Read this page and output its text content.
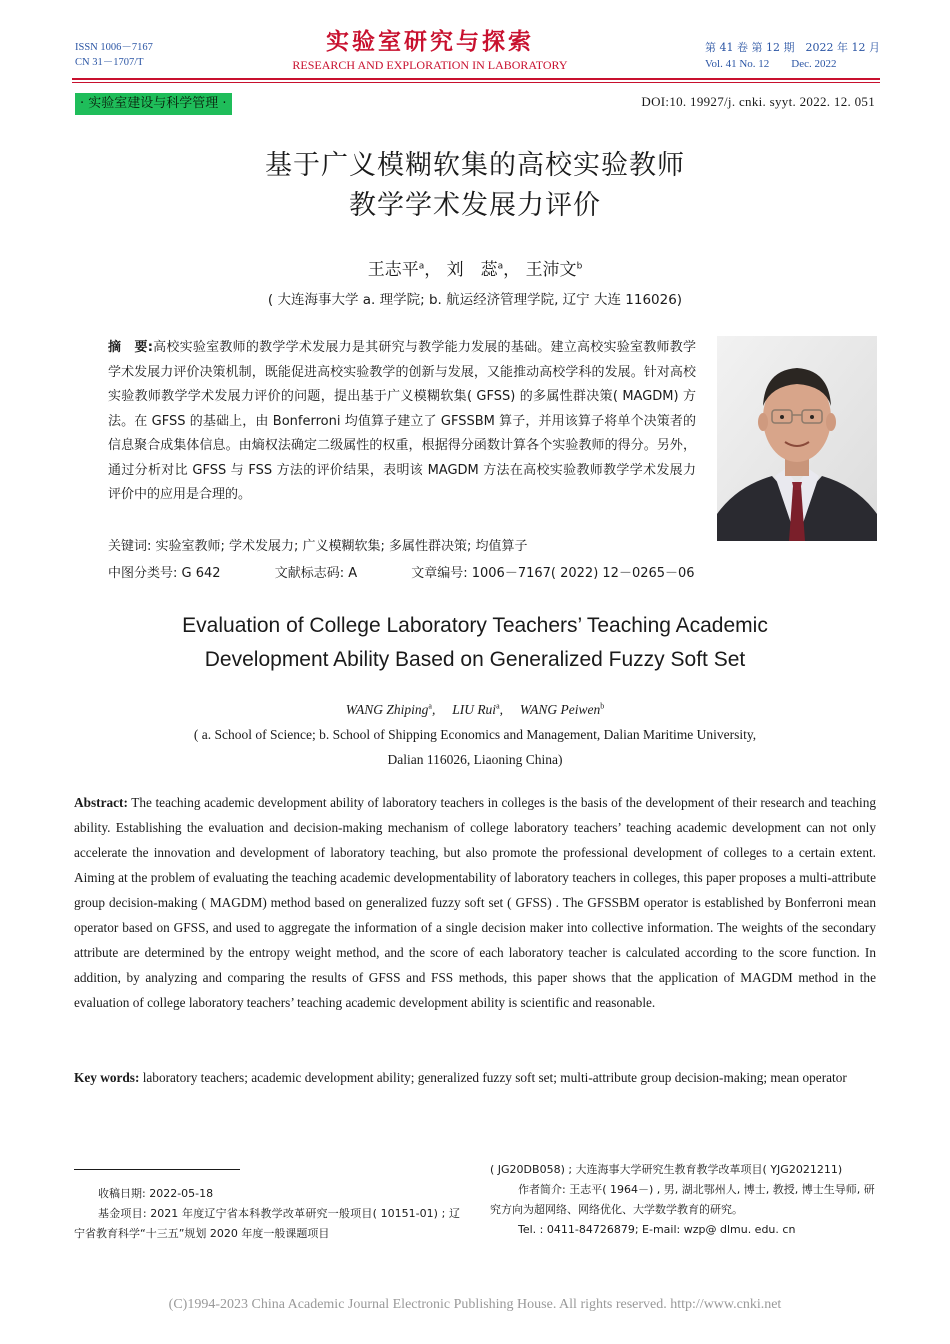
ISSN 1006－7167
CN 31－1707/T
实验室研究与探索
RESEARCH AND EXPLORATION IN LABORATORY
第 41 卷 第 12 期　2022 年 12 月
Vol. 41 No. 12　　Dec. 2022
· 实验室建设与科学管理 ·	DOI:10. 19927/j. cnki. syyt. 2022. 12. 051
基于广义模糊软集的高校实验教师
教学学术发展力评价
王志平$^a$， 刘　蕊$^a$， 王沛文$^b$
( 大连海事大学 a. 理学院; b. 航运经济管理学院, 辽宁 大连 116026)
摘　要:高校实验室教师的教学学术发展力是其研究与教学能力发展的基础。建立高校实验室教师教学学术发展力评价决策机制，既能促进高校实验教学的创新与发展，又能推动高校学科的发展。针对高校实验教师教学学术发展力评价的问题，提出基于广义模糊软集( GFSS) 的多属性群决策( MAGDM) 方法。在 GFSS 的基础上，由 Bonferroni 均值算子建立了 GFSSBM 算子，并用该算子将单个决策者的信息聚合成集体信息。由熵权法确定二级属性的权重，根据得分函数计算各个实验教师的得分。另外，通过分析对比 GFSS 与 FSS 方法的评价结果，表明该 MAGDM 方法在高校实验教师教学学术发展力评价中的应用是合理的。
关键词: 实验室教师; 学术发展力; 广义模糊软集; 多属性群决策; 均值算子
中图分类号: G 642	文献标志码: A	文章编号: 1006－7167( 2022) 12－0265－06
Evaluation of College Laboratory Teachers’ Teaching Academic
Development Ability Based on Generalized Fuzzy Soft Set
WANG Zhiping$^a$,　 LIU Rui$^a$,　 WANG Peiwen$^b$
( a. School of Science; b. School of Shipping Economics and Management, Dalian Maritime University,
Dalian 116026, Liaoning China)
Abstract: The teaching academic development ability of laboratory teachers in colleges is the basis of the development of their research and teaching ability. Establishing the evaluation and decision-making mechanism of college laboratory teachers’ teaching academic development can not only accelerate the innovation and development of laboratory teaching, but also promote the professional development of colleges to a certain extent. Aiming at the problem of evaluating the teaching academic developmentability of laboratory teachers in colleges, this paper proposes a multi-attribute group decision-making ( MAGDM) method based on generalized fuzzy soft set ( GFSS) . The GFSSBM operator is established by Bonferroni mean operator based on GFSS, and used to aggregate the information of a single decision maker into collective information. The weights of the secondary attribute are determined by the entropy weight method, and the score of each laboratory teacher is calculated according to the score function. In addition, by analyzing and comparing the results of GFSS and FSS methods, this paper shows that the application of MAGDM method in the evaluation of college laboratory teachers’ teaching academic development ability is scientific and reasonable.
Key words: laboratory teachers; academic development ability; generalized fuzzy soft set; multi-attribute group decision-making; mean operator
收稿日期: 2022-05-18
基金项目: 2021 年度辽宁省本科教学改革研究一般项目( 10151-01) ; 辽宁省教育科学“十三五”规划 2020 年度一般课题项目
( JG20DB058) ; 大连海事大学研究生教育教学改革项目( YJG2021211)
作者简介: 王志平( 1964－) , 男, 湖北鄂州人, 博士, 教授, 博士生导师, 研究方向为超网络、网络优化、大学数学教育的研究。
Tel. : 0411-84726879; E-mail: wzp@ dlmu. edu. cn
(C)1994-2023 China Academic Journal Electronic Publishing House. All rights reserved. http://www.cnki.net
